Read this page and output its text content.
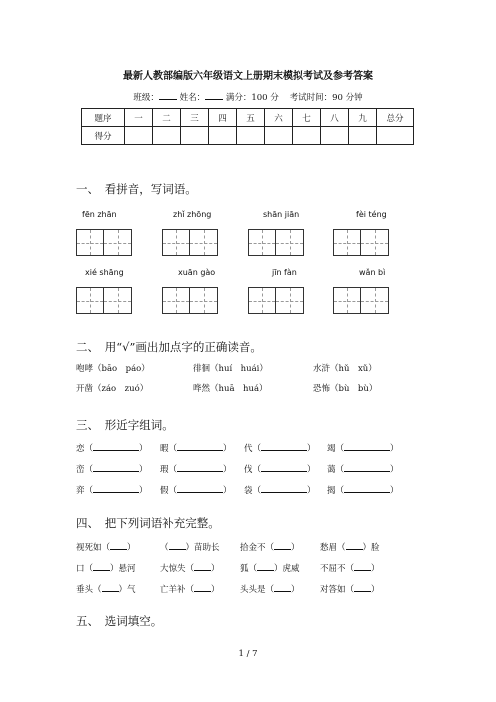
最新人教部编版六年级语文上册期末模拟考试及参考答案
班级： 姓名： 满分：100 分 考试时间：90 分钟
题序	一	二	三	四	五	六	七	八	九	总分
得分										
一、　看拼音，写词语。
fēn zhān	zhǐ zhōng	shān jiān	fèi téng
xié shāng	xuān gào	jīn fàn	wǎn bì
二、　用“√”画出加点字的正确读音。
咆哮（bāo　páo）	徘徊（huí　huái）	水浒（hǔ　xǔ）
开凿（záo　zuó）	哗然（huā　huá）	恐怖（bù　bù）
三、　形近字组词。
恋（	） 暇（	） 代（	） 竭（	）
峦（	） 瑕（	） 伐（	） 蔼（	）
弈（	） 假（	） 袋（	） 揭（	）
四、　把下列词语补充完整。
视死如（ ）	（ ）苗助长 拾金不（ ） 愁眉（ ）脸
口（ ）悬河	大惊失（ ） 狐（ ）虎威 不屈不（ ）
垂头（ ）气	亡羊补（ ） 头头是（ ） 对答如（ ）
五、　选词填空。
1 / 7
